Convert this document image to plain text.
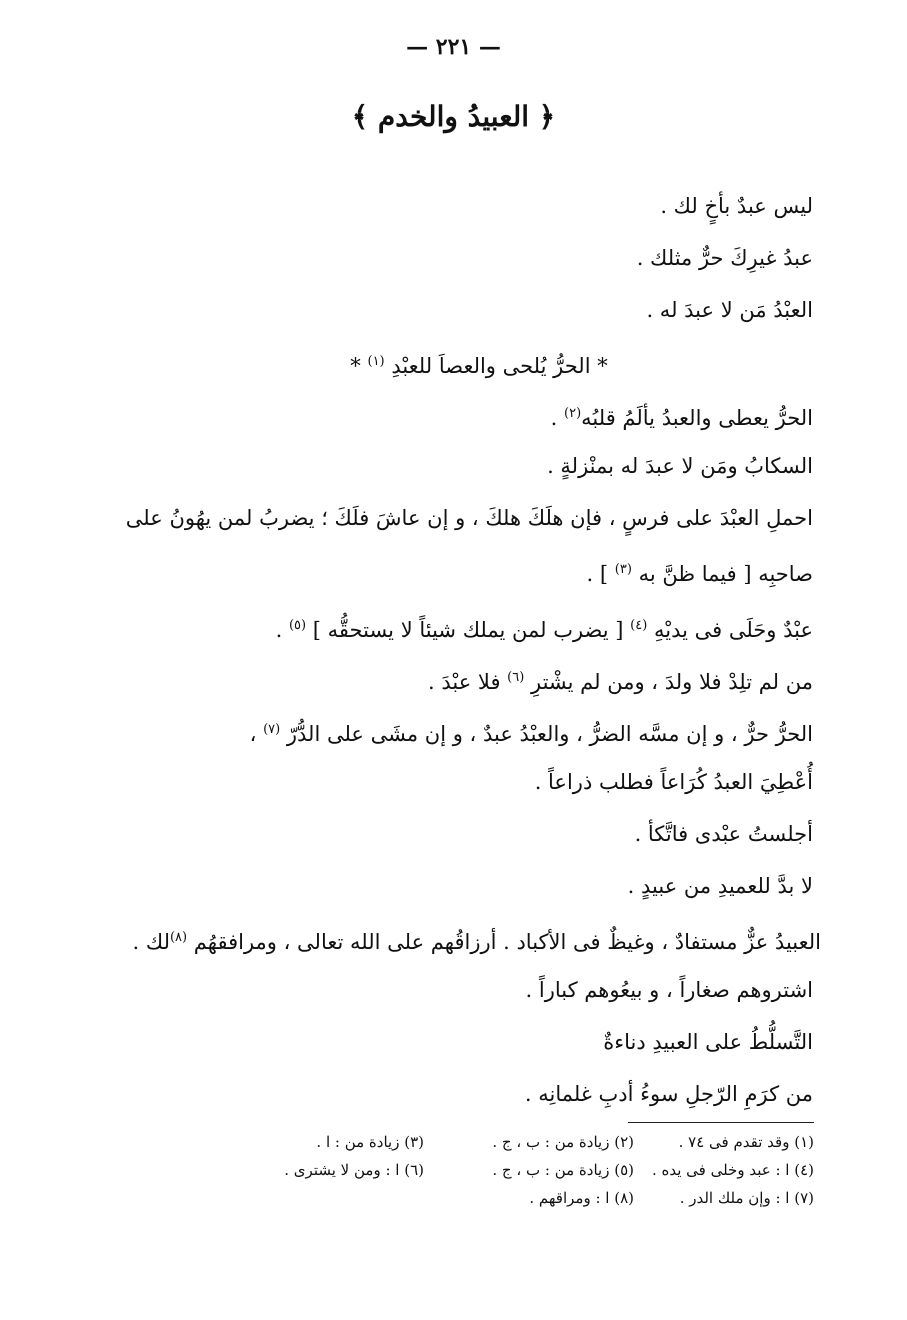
— ٢٢١ —
﴿ العبيدُ والخدم ﴾
ليس عبدٌ بأخٍ لك .
عبدُ غيرِكَ حرٌّ مثلك .
العبْدُ مَن لا عبدَ له .
* الحرُّ يُلحى والعصاَ للعبْدِ $^{(١)}$ *
الحرُّ يعطى والعبدُ يألَمُ قلبُه$^{(٢)}$ .
السكابُ ومَن لا عبدَ له بمنْزلةٍ .
احملِ العبْدَ على فرسٍ ، فإن هلَكَ هلكَ ، و إن عاشَ فلَكَ ؛ يضربُ لمن يهُونُ على صاحبِه [ فيما ظنَّ به $^{(٣)}$ ] .
عبْدٌ وحَلَى فى يديْهِ $^{(٤)}$ [ يضرب لمن يملك شيئاً لا يستحقُّه ] $^{(٥)}$ .
من لم تلِدْ فلا ولدَ ، ومن لم يشْترِ $^{(٦)}$ فلا عبْدَ .
الحرُّ حرٌّ ، و إن مسَّه الضرُّ ، والعبْدُ عبدٌ ، و إن مشَى على الدُّرّ $^{(٧)}$ ،
أُعْطِيَ العبدُ كُرَاعاً فطلب ذراعاً .
أجلستُ عبْدى فاتَّكأ .
لا بدَّ للعميدِ من عبيدٍ .
العبيدُ عزٌّ مستفادٌ ، وغيظٌ فى الأكباد . أرزاقُهم على الله تعالى ، ومرافقهُم $^{(٨)}$لك .
اشتروهم صغاراً ، و بيعُوهم كباراً .
التَّسلُّطُ على العبيدِ دناءةٌ
من كرَمِ الرّجلِ سوءُ أدبِ غلمانِه .
(١) وقد تقدم فى ٧٤ .
(٢) زيادة من : ب ، ج .
(٣) زيادة من : ا .
(٤) ا : عبد وخلى فى يده .
(٥) زيادة من : ب ، ج .
(٦) ا : ومن لا يشترى .
(٧) ا : وإن ملك الدر .
(٨) ا : ومراقهم .
